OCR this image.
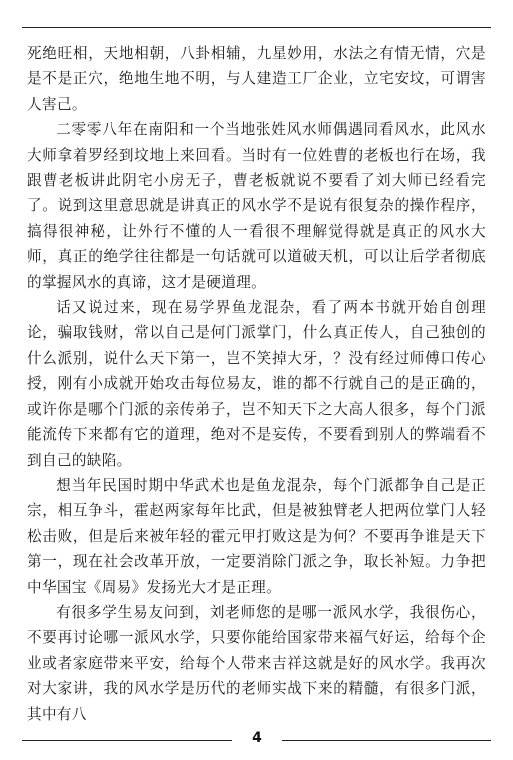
死绝旺相，天地相朝，八卦相辅，九星妙用，水法之有情无情，穴是是不是正穴，绝地生地不明，与人建造工厂企业，立宅安坟，可谓害人害己。

二零零八年在南阳和一个当地张姓风水师偶遇同看风水，此风水大师拿着罗经到坟地上来回看。当时有一位姓曹的老板也行在场，我跟曹老板讲此阴宅小房无子，曹老板就说不要看了刘大师已经看完了。说到这里意思就是讲真正的风水学不是说有很复杂的操作程序，搞得很神秘，让外行不懂的人一看很不理解觉得就是真正的风水大师，真正的绝学往往都是一句话就可以道破天机，可以让后学者彻底的掌握风水的真谛，这才是硬道理。

话又说过来，现在易学界鱼龙混杂，看了两本书就开始自创理论，骗取钱财，常以自己是何门派掌门，什么真正传人，自己独创的什么派别，说什么天下第一，岂不笑掉大牙，？没有经过师傅口传心授，刚有小成就开始攻击每位易友，谁的都不行就自己的是正确的，或许你是哪个门派的亲传弟子，岂不知天下之大高人很多，每个门派能流传下来都有它的道理，绝对不是妄传，不要看到别人的弊端看不到自己的缺陷。

想当年民国时期中华武术也是鱼龙混杂，每个门派都争自己是正宗，相互争斗，霍赵两家每年比武，但是被独臂老人把两位掌门人轻松击败，但是后来被年轻的霍元甲打败这是为何？不要再争谁是天下第一，现在社会改革开放，一定要消除门派之争，取长补短。力争把中华国宝《周易》发扬光大才是正理。

有很多学生易友问到，刘老师您的是哪一派风水学，我很伤心，不要再讨论哪一派风水学，只要你能给国家带来福气好运，给每个企业或者家庭带来平安，给每个人带来吉祥这就是好的风水学。我再次对大家讲，我的风水学是历代的老师实战下来的精髓，有很多门派，其中有八

4
